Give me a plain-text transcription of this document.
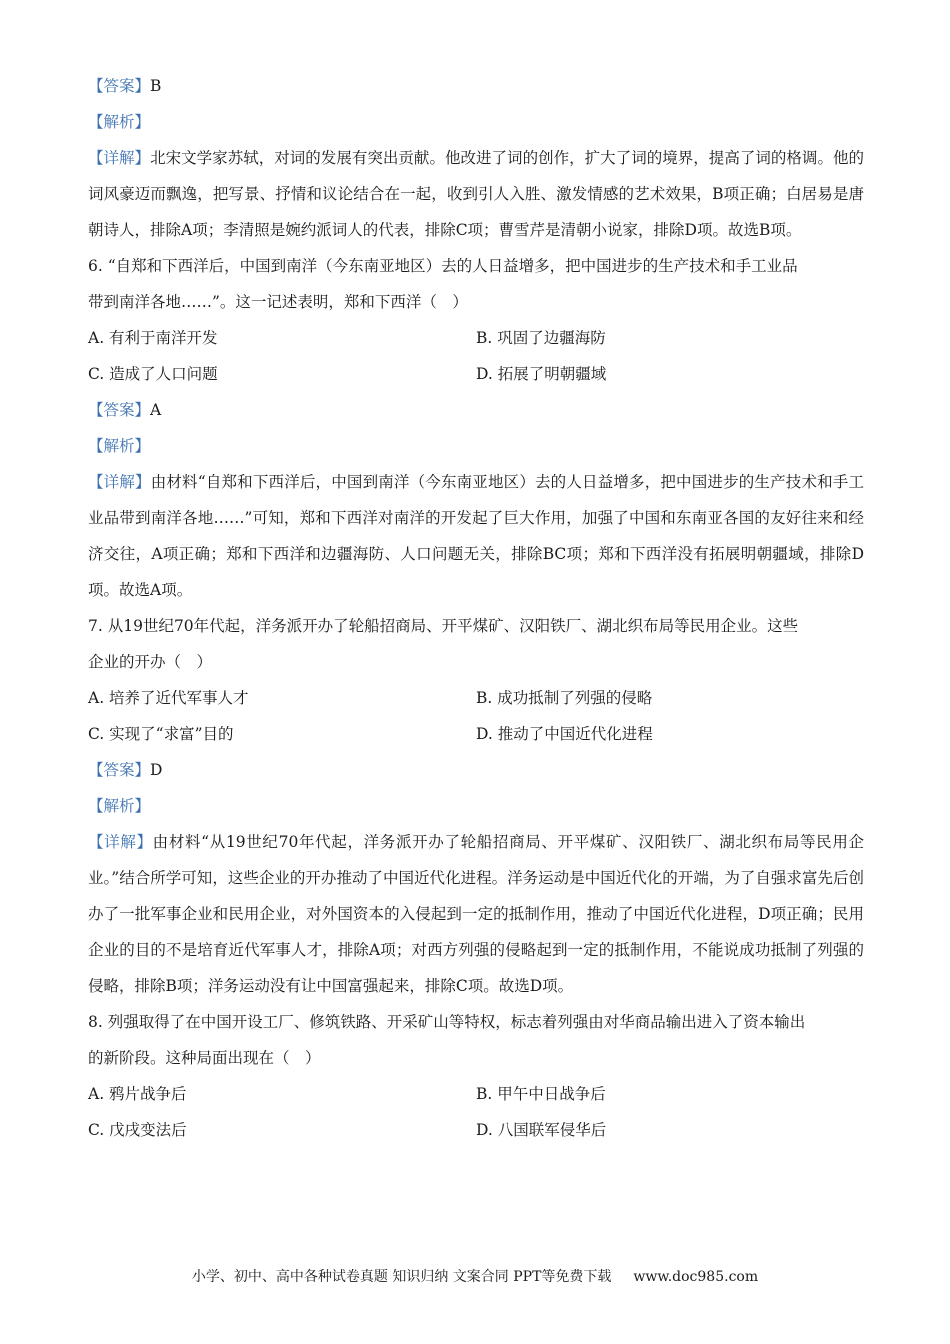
【答案】B
【解析】
【详解】北宋文学家苏轼，对词的发展有突出贡献。他改进了词的创作，扩大了词的境界，提高了词的格调。他的词风豪迈而飘逸，把写景、抒情和议论结合在一起，收到引人入胜、激发情感的艺术效果，B项正确；白居易是唐朝诗人，排除A项；李清照是婉约派词人的代表，排除C项；曹雪芹是清朝小说家，排除D项。故选B项。
6. “自郑和下西洋后，中国到南洋（今东南亚地区）去的人日益增多，把中国进步的生产技术和手工业品
带到南洋各地……”。这一记述表明，郑和下西洋（　）
A. 有利于南洋开发	B. 巩固了边疆海防
C. 造成了人口问题	D. 拓展了明朝疆域
【答案】A
【解析】
【详解】由材料“自郑和下西洋后，中国到南洋（今东南亚地区）去的人日益增多，把中国进步的生产技术和手工业品带到南洋各地……”可知，郑和下西洋对南洋的开发起了巨大作用，加强了中国和东南亚各国的友好往来和经济交往，A项正确；郑和下西洋和边疆海防、人口问题无关，排除BC项；郑和下西洋没有拓展明朝疆域，排除D项。故选A项。
7. 从19世纪70年代起，洋务派开办了轮船招商局、开平煤矿、汉阳铁厂、湖北织布局等民用企业。这些
企业的开办（　）
A. 培养了近代军事人才	B. 成功抵制了列强的侵略
C. 实现了“求富”目的	D. 推动了中国近代化进程
【答案】D
【解析】
【详解】由材料“从19世纪70年代起，洋务派开办了轮船招商局、开平煤矿、汉阳铁厂、湖北织布局等民用企业。”结合所学可知，这些企业的开办推动了中国近代化进程。洋务运动是中国近代化的开端，为了自强求富先后创办了一批军事企业和民用企业，对外国资本的入侵起到一定的抵制作用，推动了中国近代化进程，D项正确；民用企业的目的不是培育近代军事人才，排除A项；对西方列强的侵略起到一定的抵制作用，不能说成功抵制了列强的侵略，排除B项；洋务运动没有让中国富强起来，排除C项。故选D项。
8. 列强取得了在中国开设工厂、修筑铁路、开采矿山等特权，标志着列强由对华商品输出进入了资本输出
的新阶段。这种局面出现在（　）
A. 鸦片战争后	B. 甲午中日战争后
C. 戊戌变法后	D. 八国联军侵华后
小学、初中、高中各种试卷真题 知识归纳 文案合同 PPT等免费下载 www.doc985.com
